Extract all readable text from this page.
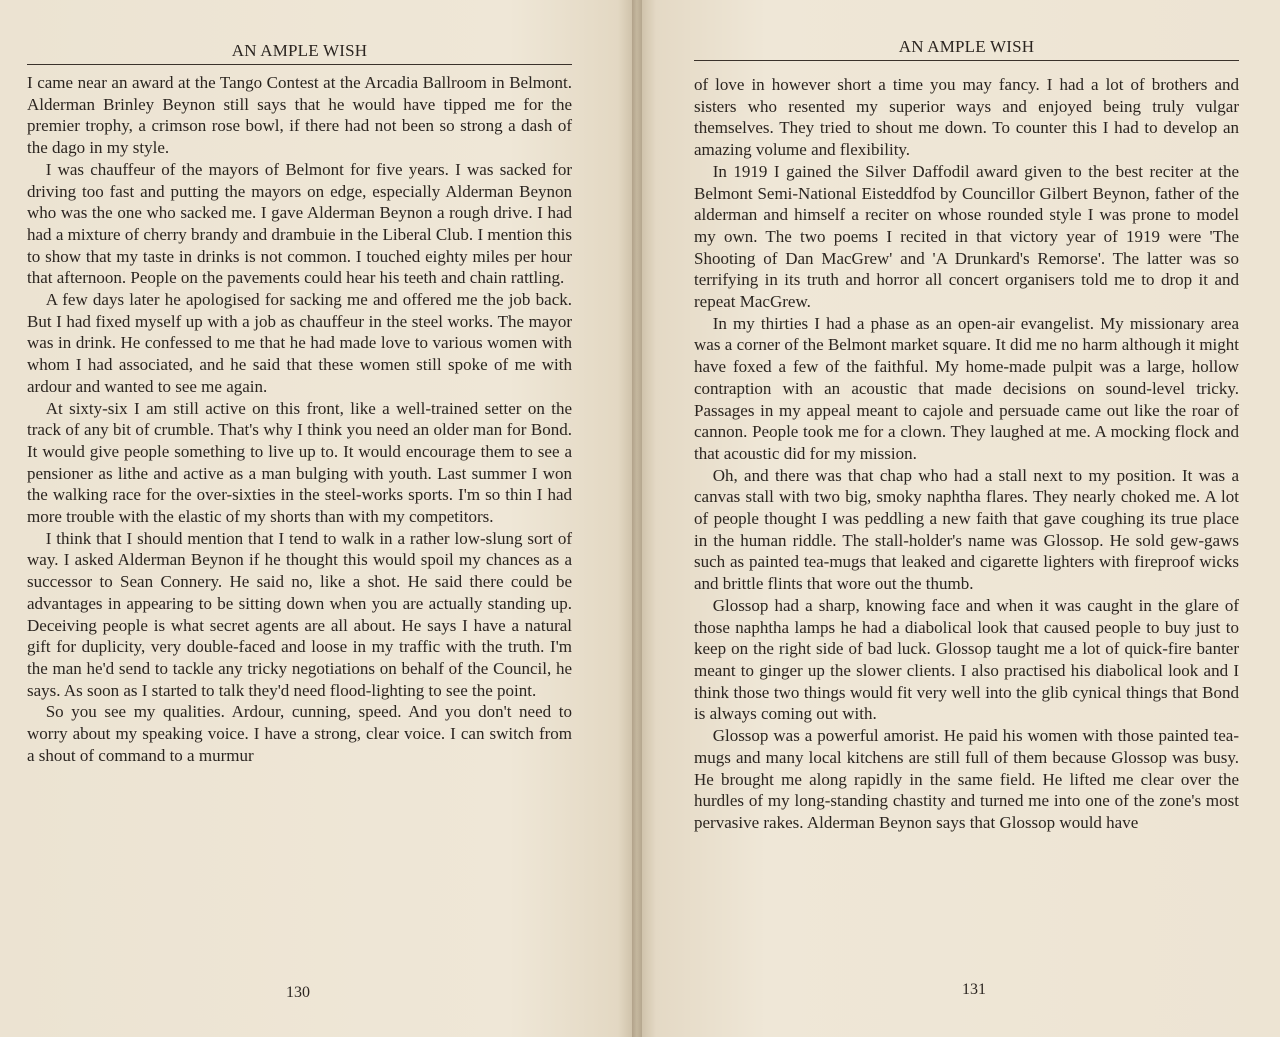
AN AMPLE WISH

I came near an award at the Tango Contest at the Arcadia Ballroom in Belmont. Alderman Brinley Beynon still says that he would have tipped me for the premier trophy, a crimson rose bowl, if there had not been so strong a dash of the dago in my style.

I was chauffeur of the mayors of Belmont for five years. I was sacked for driving too fast and putting the mayors on edge, especially Alderman Beynon who was the one who sacked me. I gave Alderman Beynon a rough drive. I had had a mixture of cherry brandy and drambuie in the Liberal Club. I mention this to show that my taste in drinks is not common. I touched eighty miles per hour that afternoon. People on the pavements could hear his teeth and chain rattling.

A few days later he apologised for sacking me and offered me the job back. But I had fixed myself up with a job as chauffeur in the steel works. The mayor was in drink. He confessed to me that he had made love to various women with whom I had associated, and he said that these women still spoke of me with ardour and wanted to see me again.

At sixty-six I am still active on this front, like a well-trained setter on the track of any bit of crumble. That's why I think you need an older man for Bond. It would give people something to live up to. It would encourage them to see a pensioner as lithe and active as a man bulging with youth. Last summer I won the walking race for the over-sixties in the steel-works sports. I'm so thin I had more trouble with the elastic of my shorts than with my competitors.

I think that I should mention that I tend to walk in a rather low-slung sort of way. I asked Alderman Beynon if he thought this would spoil my chances as a successor to Sean Connery. He said no, like a shot. He said there could be advantages in appearing to be sitting down when you are actually standing up. Deceiving people is what secret agents are all about. He says I have a natural gift for duplicity, very double-faced and loose in my traffic with the truth. I'm the man he'd send to tackle any tricky negotiations on behalf of the Council, he says. As soon as I started to talk they'd need flood-lighting to see the point.

So you see my qualities. Ardour, cunning, speed. And you don't need to worry about my speaking voice. I have a strong, clear voice. I can switch from a shout of command to a murmur

130
AN AMPLE WISH

of love in however short a time you may fancy. I had a lot of brothers and sisters who resented my superior ways and enjoyed being truly vulgar themselves. They tried to shout me down. To counter this I had to develop an amazing volume and flexibility.

In 1919 I gained the Silver Daffodil award given to the best reciter at the Belmont Semi-National Eisteddfod by Councillor Gilbert Beynon, father of the alderman and himself a reciter on whose rounded style I was prone to model my own. The two poems I recited in that victory year of 1919 were 'The Shooting of Dan MacGrew' and 'A Drunkard's Remorse'. The latter was so terrifying in its truth and horror all concert organisers told me to drop it and repeat MacGrew.

In my thirties I had a phase as an open-air evangelist. My missionary area was a corner of the Belmont market square. It did me no harm although it might have foxed a few of the faithful. My home-made pulpit was a large, hollow contraption with an acoustic that made decisions on sound-level tricky. Passages in my appeal meant to cajole and persuade came out like the roar of cannon. People took me for a clown. They laughed at me. A mocking flock and that acoustic did for my mission.

Oh, and there was that chap who had a stall next to my position. It was a canvas stall with two big, smoky naphtha flares. They nearly choked me. A lot of people thought I was peddling a new faith that gave coughing its true place in the human riddle. The stall-holder's name was Glossop. He sold gew-gaws such as painted tea-mugs that leaked and cigarette lighters with fireproof wicks and brittle flints that wore out the thumb.

Glossop had a sharp, knowing face and when it was caught in the glare of those naphtha lamps he had a diabolical look that caused people to buy just to keep on the right side of bad luck. Glossop taught me a lot of quick-fire banter meant to ginger up the slower clients. I also practised his diabolical look and I think those two things would fit very well into the glib cynical things that Bond is always coming out with.

Glossop was a powerful amorist. He paid his women with those painted tea-mugs and many local kitchens are still full of them because Glossop was busy. He brought me along rapidly in the same field. He lifted me clear over the hurdles of my long-standing chastity and turned me into one of the zone's most pervasive rakes. Alderman Beynon says that Glossop would have

131
